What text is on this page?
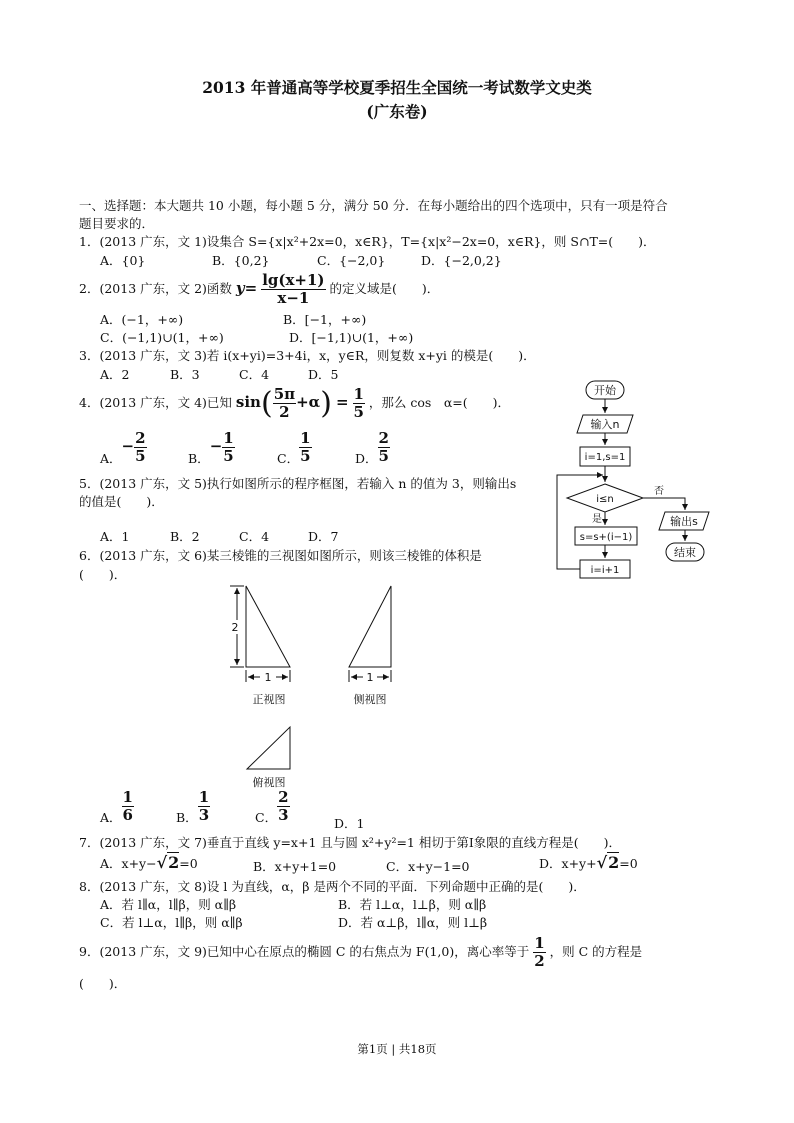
2013 年普通高等学校夏季招生全国统一考试数学文史类
(广东卷)
一、选择题：本大题共 10 小题，每小题 5 分，满分 50 分．在每小题给出的四个选项中，只有一项是符合
题目要求的．
1．(2013 广东，文 1)设集合 S={x|x²+2x=0，x∈R}，T={x|x²−2x=0，x∈R}，则 S∩T=(　　)．
A．{0}	B．{0,2}	C．{−2,0}	D．{−2,0,2}
2．(2013 广东，文 2)函数 $y= \frac{\lg(x+1)}{x-1}$ 的定义域是(　　)．
A．(−1，+∞)	B．[−1，+∞)
C．(−1,1)∪(1，+∞)	D．[−1,1)∪(1，+∞)
3．(2013 广东，文 3)若 i(x+yi)=3+4i，x，y∈R，则复数 x+yi 的模是(　　)．
A．2	B．3	C．4	D．5
4．(2013 广东，文 4)已知 $\sin( \frac{5\pi}{2} +\alpha) = \frac{1}{5}$ ，那么 cos　α=(　　)．
A．− $\frac{2}{5}$	B．− $\frac{1}{5}$	C． $\frac{1}{5}$	D． $\frac{2}{5}$
5．(2013 广东，文 5)执行如图所示的程序框图，若输入 n 的值为 3，则输出s
的值是(　　)．
A．1	B．2	C．4	D．7
开始
输入n
i=1,s=1
i≤n
否
是
s=s+(i−1)
i=i+1
输出s
结束
6．(2013 广东，文 6)某三棱锥的三视图如图所示，则该三棱锥的体积是
(　　)．
2
1	1
正视图	侧视图
俯视图
A． $\frac{1}{6}$	B． $\frac{1}{3}$	C． $\frac{2}{3}$	D．1
7．(2013 广东，文 7)垂直于直线 y=x+1 且与圆 x²+y²=1 相切于第Ⅰ象限的直线方程是(　　)．
A．x+y−√2=0	B．x+y+1=0	C．x+y−1=0	D．x+y+√2=0
8．(2013 广东，文 8)设 l 为直线，α，β 是两个不同的平面．下列命题中正确的是(　　)．
A．若 l∥α，l∥β，则 α∥β	B．若 l⊥α，l⊥β，则 α∥β
C．若 l⊥α，l∥β，则 α∥β	D．若 α⊥β，l∥α，则 l⊥β
9．(2013 广东，文 9)已知中心在原点的椭圆 C 的右焦点为 F(1,0)，离心率等于 $\frac{1}{2}$ ，则 C 的方程是
(　　)．
第1页 | 共18页
